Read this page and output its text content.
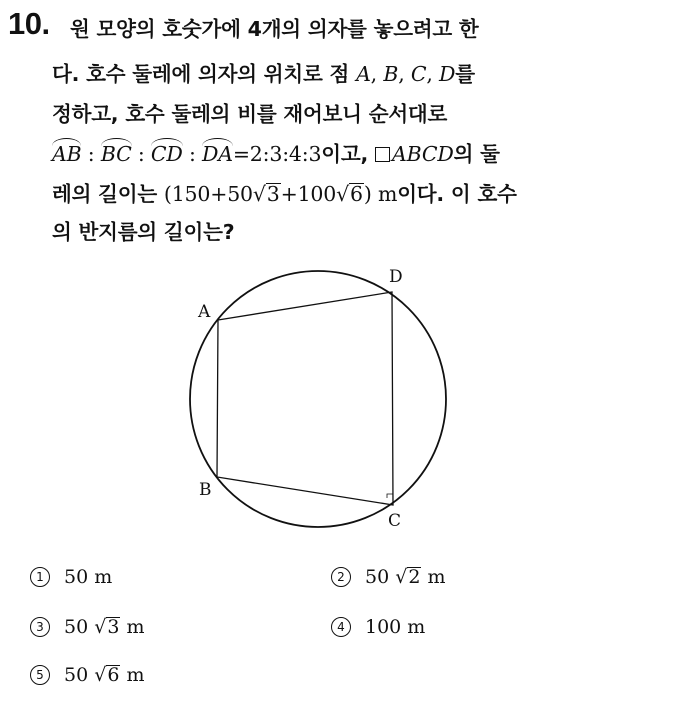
10. 원 모양의 호숫가에 4개의 의자를 놓으려고 한
다. 호수 둘레에 의자의 위치로 점 A, B, C, D를
정하고, 호수 둘레의 비를 재어보니 순서대로
AB : BC : CD : DA=2:3:4:3이고, ABCD의 둘
레의 길이는 (150+50√3+100√6) m이다. 이 호수
의 반지름의 길이는?
A
B
C
D
1 50 m	2 50 √2 m
3 50 √3 m	4 100 m
5 50 √6 m
